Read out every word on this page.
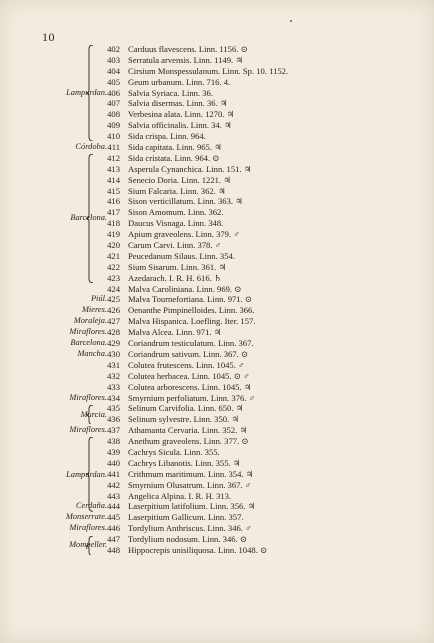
10
402 Carduus flavescens. Linn. 1156. ⊙
403 Serratula arvensis. Linn. 1149. ♃
404 Cirsium Monspessulanum. Linn. Sp. 10. 1152.
405 Geum urbanum. Linn. 716. 4.
406 Salvia Syriaca. Linn. 36.
407 Salvia disermas. Linn. 36. ♃
408 Verbesina alata. Linn. 1270. ♃
409 Salvia officinalis. Linn. 34. ♃
410 Sida crispa. Linn. 964.
Córdoba. 411 Sida capitata. Linn. 965. ♃
412 Sida cristata. Linn. 964. ⊙
413 Asperula Cynanchica. Linn. 151. ♃
414 Senecio Doria. Linn. 1221. ♃
415 Sium Falcaria. Linn. 362. ♃
416 Sison verticillatum. Linn. 363. ♃
417 Sison Amomum. Linn. 362.
418 Daucus Visnaga. Linn. 348.
419 Apium graveolens. Linn. 379. ♂
420 Carum Carvi. Linn. 378. ♂
421 Peucedanum Silaus. Linn. 354.
422 Sium Sisarum. Linn. 361. ♃
423 Azedarach. I. R. H. 616. ♄
424 Malva Caroliniana. Linn. 969. ⊙
Piúl. 425 Malva Tournefortiana. Linn. 971. ⊙
Mieres. 426 Oenanthe Pimpinelloides. Linn. 366.
Moraleja. 427 Malva Hispanica. Loefling. Iter. 157.
Miraflores. 428 Malva Alcea. Linn. 971. ♃
Barcelona. 429 Coriandrum testiculatum. Linn. 367.
Mancha. 430 Coriandrum sativum. Linn. 367. ⊙
431 Colutea frutescens. Linn. 1045. ♂
432 Colutea herbacea. Linn. 1045. ⊙ ♂
433 Colutea arborescens. Linn. 1045. ♃
Miraflores. 434 Smyrnium perfoliatum. Linn. 376. ♂
435 Selinum Carvifolia. Linn. 650. ♃
436 Selinum sylvestre. Linn. 350. ♃
Miraflores. 437 Athamanta Cervaria. Linn. 352. ♃
438 Anethum graveolens. Linn. 377. ⊙
439 Cachrys Sicula. Linn. 355.
440 Cachrys Libanotis. Linn. 355. ♃
441 Crithmum maritimum. Linn. 354. ♃
442 Smyrnium Olusatrum. Linn. 367. ♂
443 Angelica Alpina. I. R. H. 313.
Cerdaña. 444 Laserpitium latifolium. Linn. 356. ♃
Monserrate. 445 Laserpitium Gallicum. Linn. 357.
Miraflores. 446 Tordylium Anthriscus. Linn. 346. ♂
447 Tordylium nodosum. Linn. 346. ⊙
448 Hippocrepis unisiliquosa. Linn. 1048. ⊙
Lampurdan.
Barcelona.
Murcia.
Lampurdan.
Mompeller.
